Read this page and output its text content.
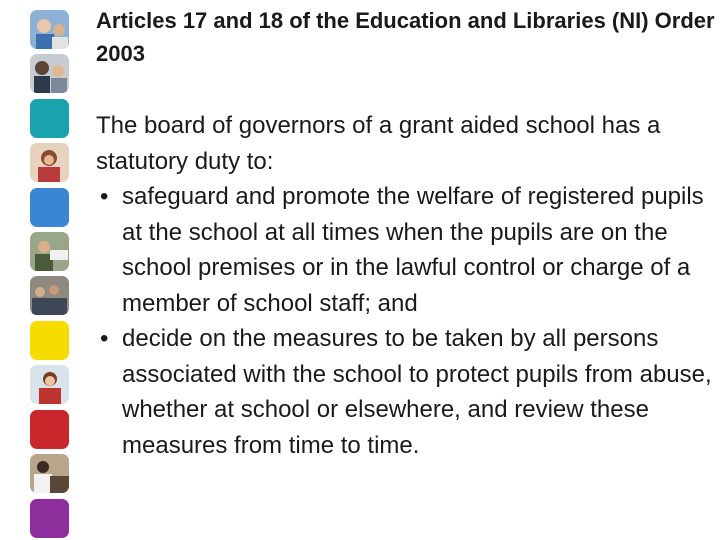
Articles 17 and 18 of the Education and Libraries (NI) Order 2003

The board of governors of a grant aided school has a statutory duty to:

• safeguard and promote the welfare of registered pupils at the school at all times when the pupils are on the school premises or in the lawful control or charge of a member of school staff; and
• decide on the measures to be taken by all persons associated with the school to protect pupils from abuse, whether at school or elsewhere, and review these measures from time to time.
